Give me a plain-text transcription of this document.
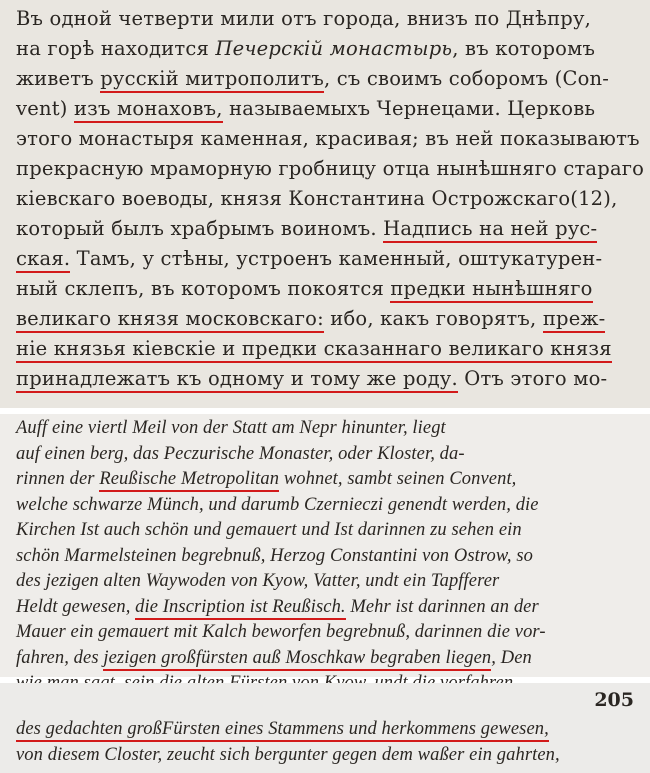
Въ одной четверти мили отъ города, внизъ по Днѣпру,
на горѣ находится Печерскій монастырь, въ которомъ
живетъ русскій митрополитъ, съ своимъ соборомъ (Con-
vent) изъ монаховъ, называемыхъ Чернецами. Церковь
этого монастыря каменная, красивая; въ ней показываютъ
прекрасную мраморную гробницу отца нынѣшняго стараго
кіевскаго воеводы, князя Константина Острожскаго(12),
который былъ храбрымъ воиномъ. Надпись на ней рус-
ская. Тамъ, у стѣны, устроенъ каменный, оштукатурен-
ный склепъ, въ которомъ покоятся предки нынѣшняго
великаго князя московскаго: ибо, какъ говорятъ, преж-
ніе князья кіевскіе и предки сказаннаго великаго князя
принадлежатъ къ одному и тому же роду. Отъ этого мо-
Auff eine viertl Meil von der Statt am Nepr hinunter, liegt
auf einen berg, das Peczurische Monaster, oder Kloster, da-
rinnen der Reußische Metropolitan wohnet, sambt seinen Convent,
welche schwarze Münch, und darumb Czernieczi genendt werden, die
Kirchen Ist auch schön und gemauert und Ist darinnen zu sehen ein
schön Marmelsteinen begrebnuß, Herzog Constantini von Ostrow, so
des jezigen alten Waywoden von Kyow, Vatter, undt ein Tapfferer
Heldt gewesen, die Inscription ist Reußisch. Mehr ist darinnen an der
Mauer ein gemauert mit Kalch beworfen begrebnuß, darinnen die vor-
fahren, des jezigen großfürsten auß Moschkaw begraben liegen, Den
205
des gedachten großFürsten eines Stammens und herkommens gewesen,
von diesem Closter, zeucht sich bergunter gegen dem waßer ein gahrten,
